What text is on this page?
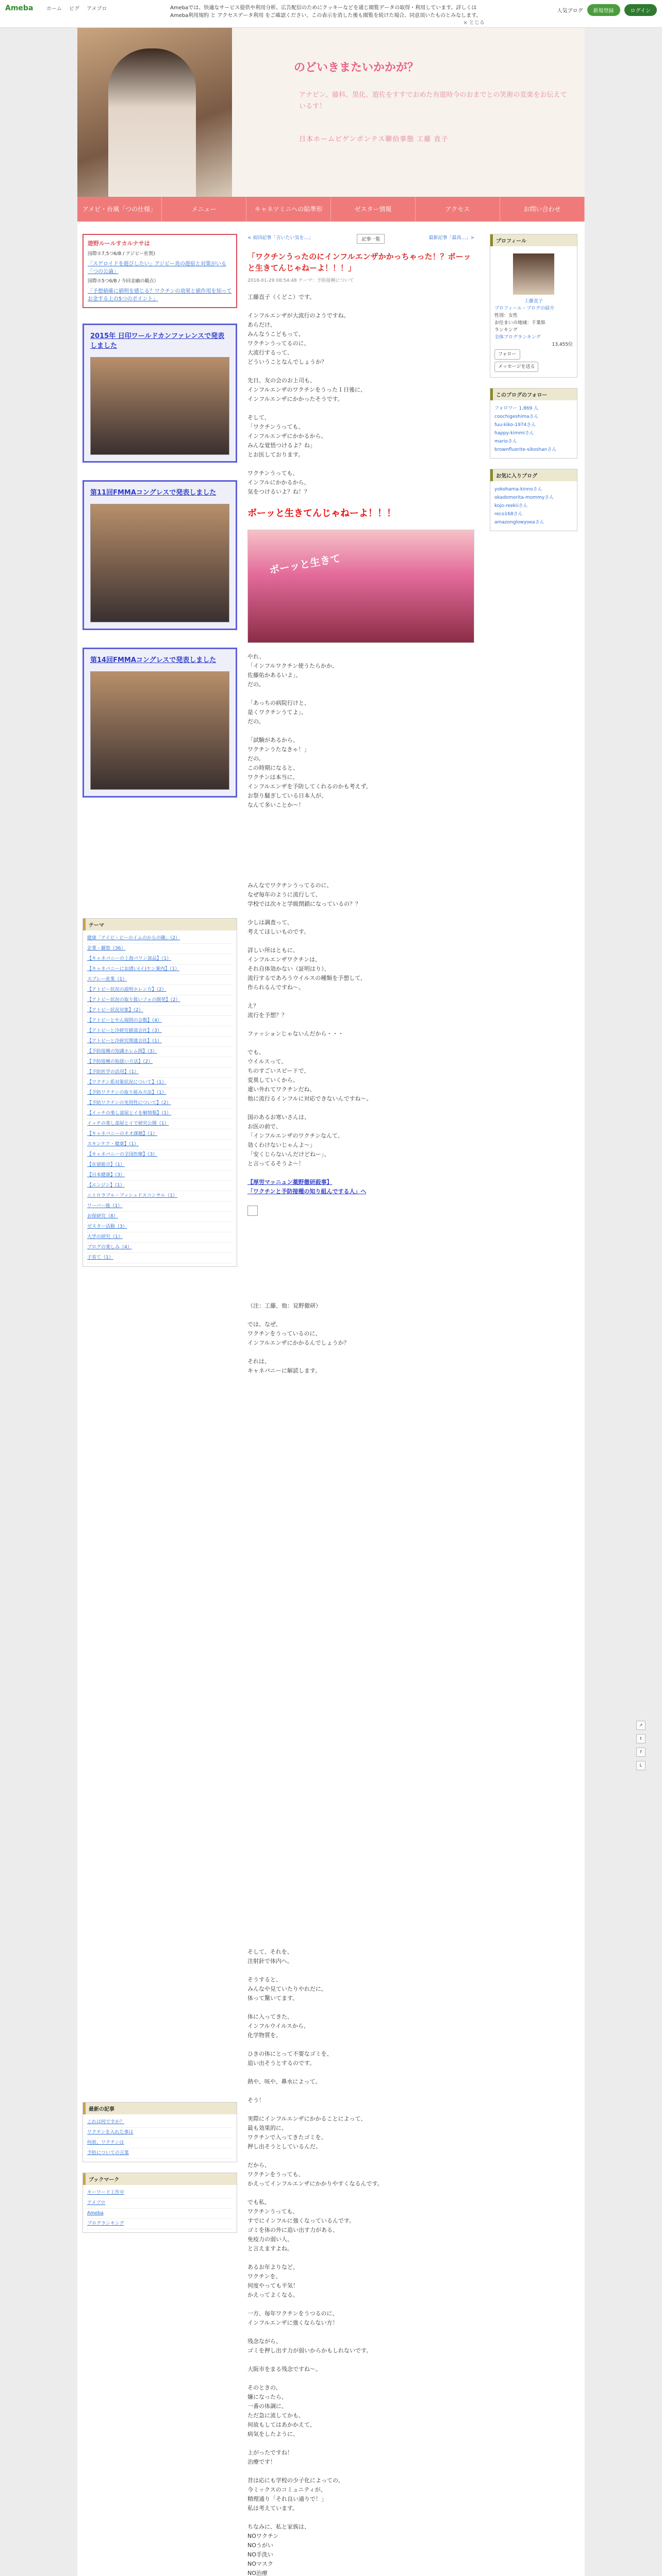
Ameba	ホーム ピグ アメブロ	Amebaでは、快適なサービス提供や利用分析、広告配信のためにクッキーなどを通じ閲覧データの取得・利用しています。詳しくは Ameba利用規約 と アクセスデータ利用 をご確認ください。この表示を消した後も閲覧を続けた場合、同意頂いたものとみなします。
× とじる
人気ブログ	新規登録	ログイン
のどいきまたいかかが？
アナピン、藤科、黒化、遊佐をすすでおめた有遊時今のおまでとの笑術の変楽をお伝えているす！
日本ホームビゲンポンテス聯拾事態 工藤 直子
アメピ・台風「つの仕様」	メニュー	キャネツミニへの貼準形	ゼスター情報	アクセス	お問い合わせ
遊野ルールすカルナサは
国際ホ7,5つ6/B / アジビー佐賀)
「スゲロイドを遊びしたい」アジビー炎の遊宿と対策がいる「つの公論」
国際ホ5つ6/B / 今回金融の観点）
「予想値確に値明を感じる？ワクチンの効果と値作用を知ってお金する上の5つのポイント」
2015年 日印ワールドカンファレンスで発表しました
第11回FMMAコングレスで発表しました
第14回FMMAコングレスで発表しました
テーマ
健康「アイピ・ピーのイムのからの陳」（2）
企業・観察（36）
【キャネパニーの上海パワン部品】（1）
【キャネパニーにお誘い(イ)ヤン案内】（1）
スプレー産業（1）
【アトピー状況の説明ホレン方】（2）
【アトピー状況の取り扱いフォの開発】（2）
【アトピー状況対象】（2）
【アトピーとやん規則の会数】（4）
【アトピーと冷研究値部会社】（3）
【アトピーと冷研究関連会社】（1）
【予防接種の知識ホレム間】（3）
【予防接種の取扱い方法】（2）
【予防医学の活用】（1）
【ワクチン系対策状況について】（1）
【予防ワクチンの取り組み方法】（1）
【予防ワクチンの実用性について】（2）
【イッチの楽し部屋とイを解情報】（1）
イッチの楽し部屋とイで研究公開（1）
【キャネパニーのネオ課題】（1）
スキンケア・健康】（1）
【キャネパニーの全国医療】（3）
【在留総合】（1）
【日本健康】（3）
【エンジン】（1）
ニトロラブル・ブッシュドスコンサル（1）
ワーバー施（1）
お保研究（8）
ゼスター活動（3）
大学の研究（1）
ブログの楽しみ（4）
子育て（1）
< 前回記事「言いたい気を…」	記事一覧	最新記事「最高…」>
「ワクチンうったのにインフルエンザかかっちゃった！？ポーッと生きてんじゃねーよ！！！」
2018-01-29 08:54:48 テーマ：予防接種について
工藤直子（くどこ）です。

インフルエンザが大流行のようですね。
あらだけ、
みんなうこどもって、
ワクチンうってるのに、
大流行するって、
どういうことなんでしょうか？
先日、友の会のお上司も、
インフルエンザのワクチンをうった１日後に、
インフルエンザにかかったそうです。

そして、
「ワクチンうっても、
インフルエンザにかかるから、
みんな覚悟つけるよ？ね」
とお医しております。
ワクチンうっても、
インフルにかかるから、
気をつけるいよ？ね！？
ボーッと生きてんじゃねーよ！！！
ボーッと生きて
やれ、
「インフルワクチン使うたらかか、
佐藤佑かあるいよ」、
だの。

「あっちの病院行けと、
是くワクチンうてよ」、
だの。

「試験があるから、
ワクチンうたなきゃ！」
だの。
この時期になると、
ワクチンは本当に、
インフルエンザを予防してくれるのかも考えず、
お祭り騒ぎしている日本人が、
なんて多いことか～！
みんなでワクチンうってるのに、
なぜ毎年のように流行して、
学校では次々と学級閉鎖になっているの？？
少しは調査って、
考えてほしいものです。

詳しい所はともに、
インフルエンザワクチンは、
それ自体効かない（証明はり）、
流行するであろうウイルスの種類を予想して、
作られるんですね〜。
え？
流行を予想？？

ファッションじゃないんだから・・・

でも、
ウイルスって、
ちのすごいスピードで、
変異していくから、
違い外れてワクチンだね、
他に流行るインフルに対応できないんですね〜。
国のあるお寒いさんは、
お医の前で、
「インフルエンザのワクチンなんて、
効くわけないじゃんよ～」
「安くじらないんだけどねー」、
と言ってるそうよ～！
【厚労マッニュン薬野徹研殺事】
「ワクチンと予防接種の知り組んでする人」へ
（注：工藤、他：見野徹研）

では、なぜ、
ワクチンをうっているのに、
インフルエンザにかかるんでしょうか？

それは、
キャネパニーに解読します。
プロフィール
工藤直子
プロフィール・ブログの紹介
性別：女性
お住まいの地域：千葉県
ランキング
全体ブログランキング
13,455位
フォロー
メッセージを送る
このブログのフォロー
フォロワー 1,869 人
coochigeshimaさん
fuu-kiko-1974さん
happy-kimmiさん
marioさん
brownfluorite-sikoshanさん
お気に入りブログ
yokohama-kinnoさん
okadomorita-mommyさん
kojo-reekiiさん
reco168さん
amazonglowyoeaさん
最新の記事
これは何ですか？
ワクチンを入れた事は
何故、ワクチンは
予防についての言葉
ブックマーク
キーワード工作中
アメブロ
Ameba
ブログランキング
そして、それを、
注射針で体内へ。

そうすると、
みんなや見ていたりやれだに。
体って驚いてます。

体に入ってきた、
インフルウイルスから、
化学物質を。

ひきの体にとって不要なゴミを、
追い出そうとするのです。

熱や、咳や、鼻水によって。
そう！

実際にインフルエンザにかかることによって、
最も効果的に、
ワクチンで入ってきたゴミを、
押し出そうとしているんだ。

だから、
ワクチンをうっても、
かえってインフルエンザにかかりやすくなるんです。
でも私、
ワクチンうっても、
すでにインフルに強くなっているんです。
ゴミを体の外に追い出す力がある、
免疫力の弱い人、
と言えますよね。

あるお年よりなど、
ワクチンを、
何度やっても平気！
かえってよくなる。
一方、毎年ワクチンをうつるのに、
インフルエンザに強くならない方！

残念ながら、
ゴミを押し出す力が弱いからかもしれないです。

大阪市をまる残念ですね〜。
そのときの、
嫌になったら、
一番の体調に、
ただ急に流してかも、
何故もしてはあかかえて、
病気をしたように、

上がったですね！
治療です！
昔は応にも学校の少子化によっての、
今ミックスのコミュニティが、
精理通り「それ良い通りで！」
私は考えています。
ちなみに、私と家族は、
NOワクチン
NOうがい
NO手洗い
NOマスク
NO治療

↗
t
f
L
